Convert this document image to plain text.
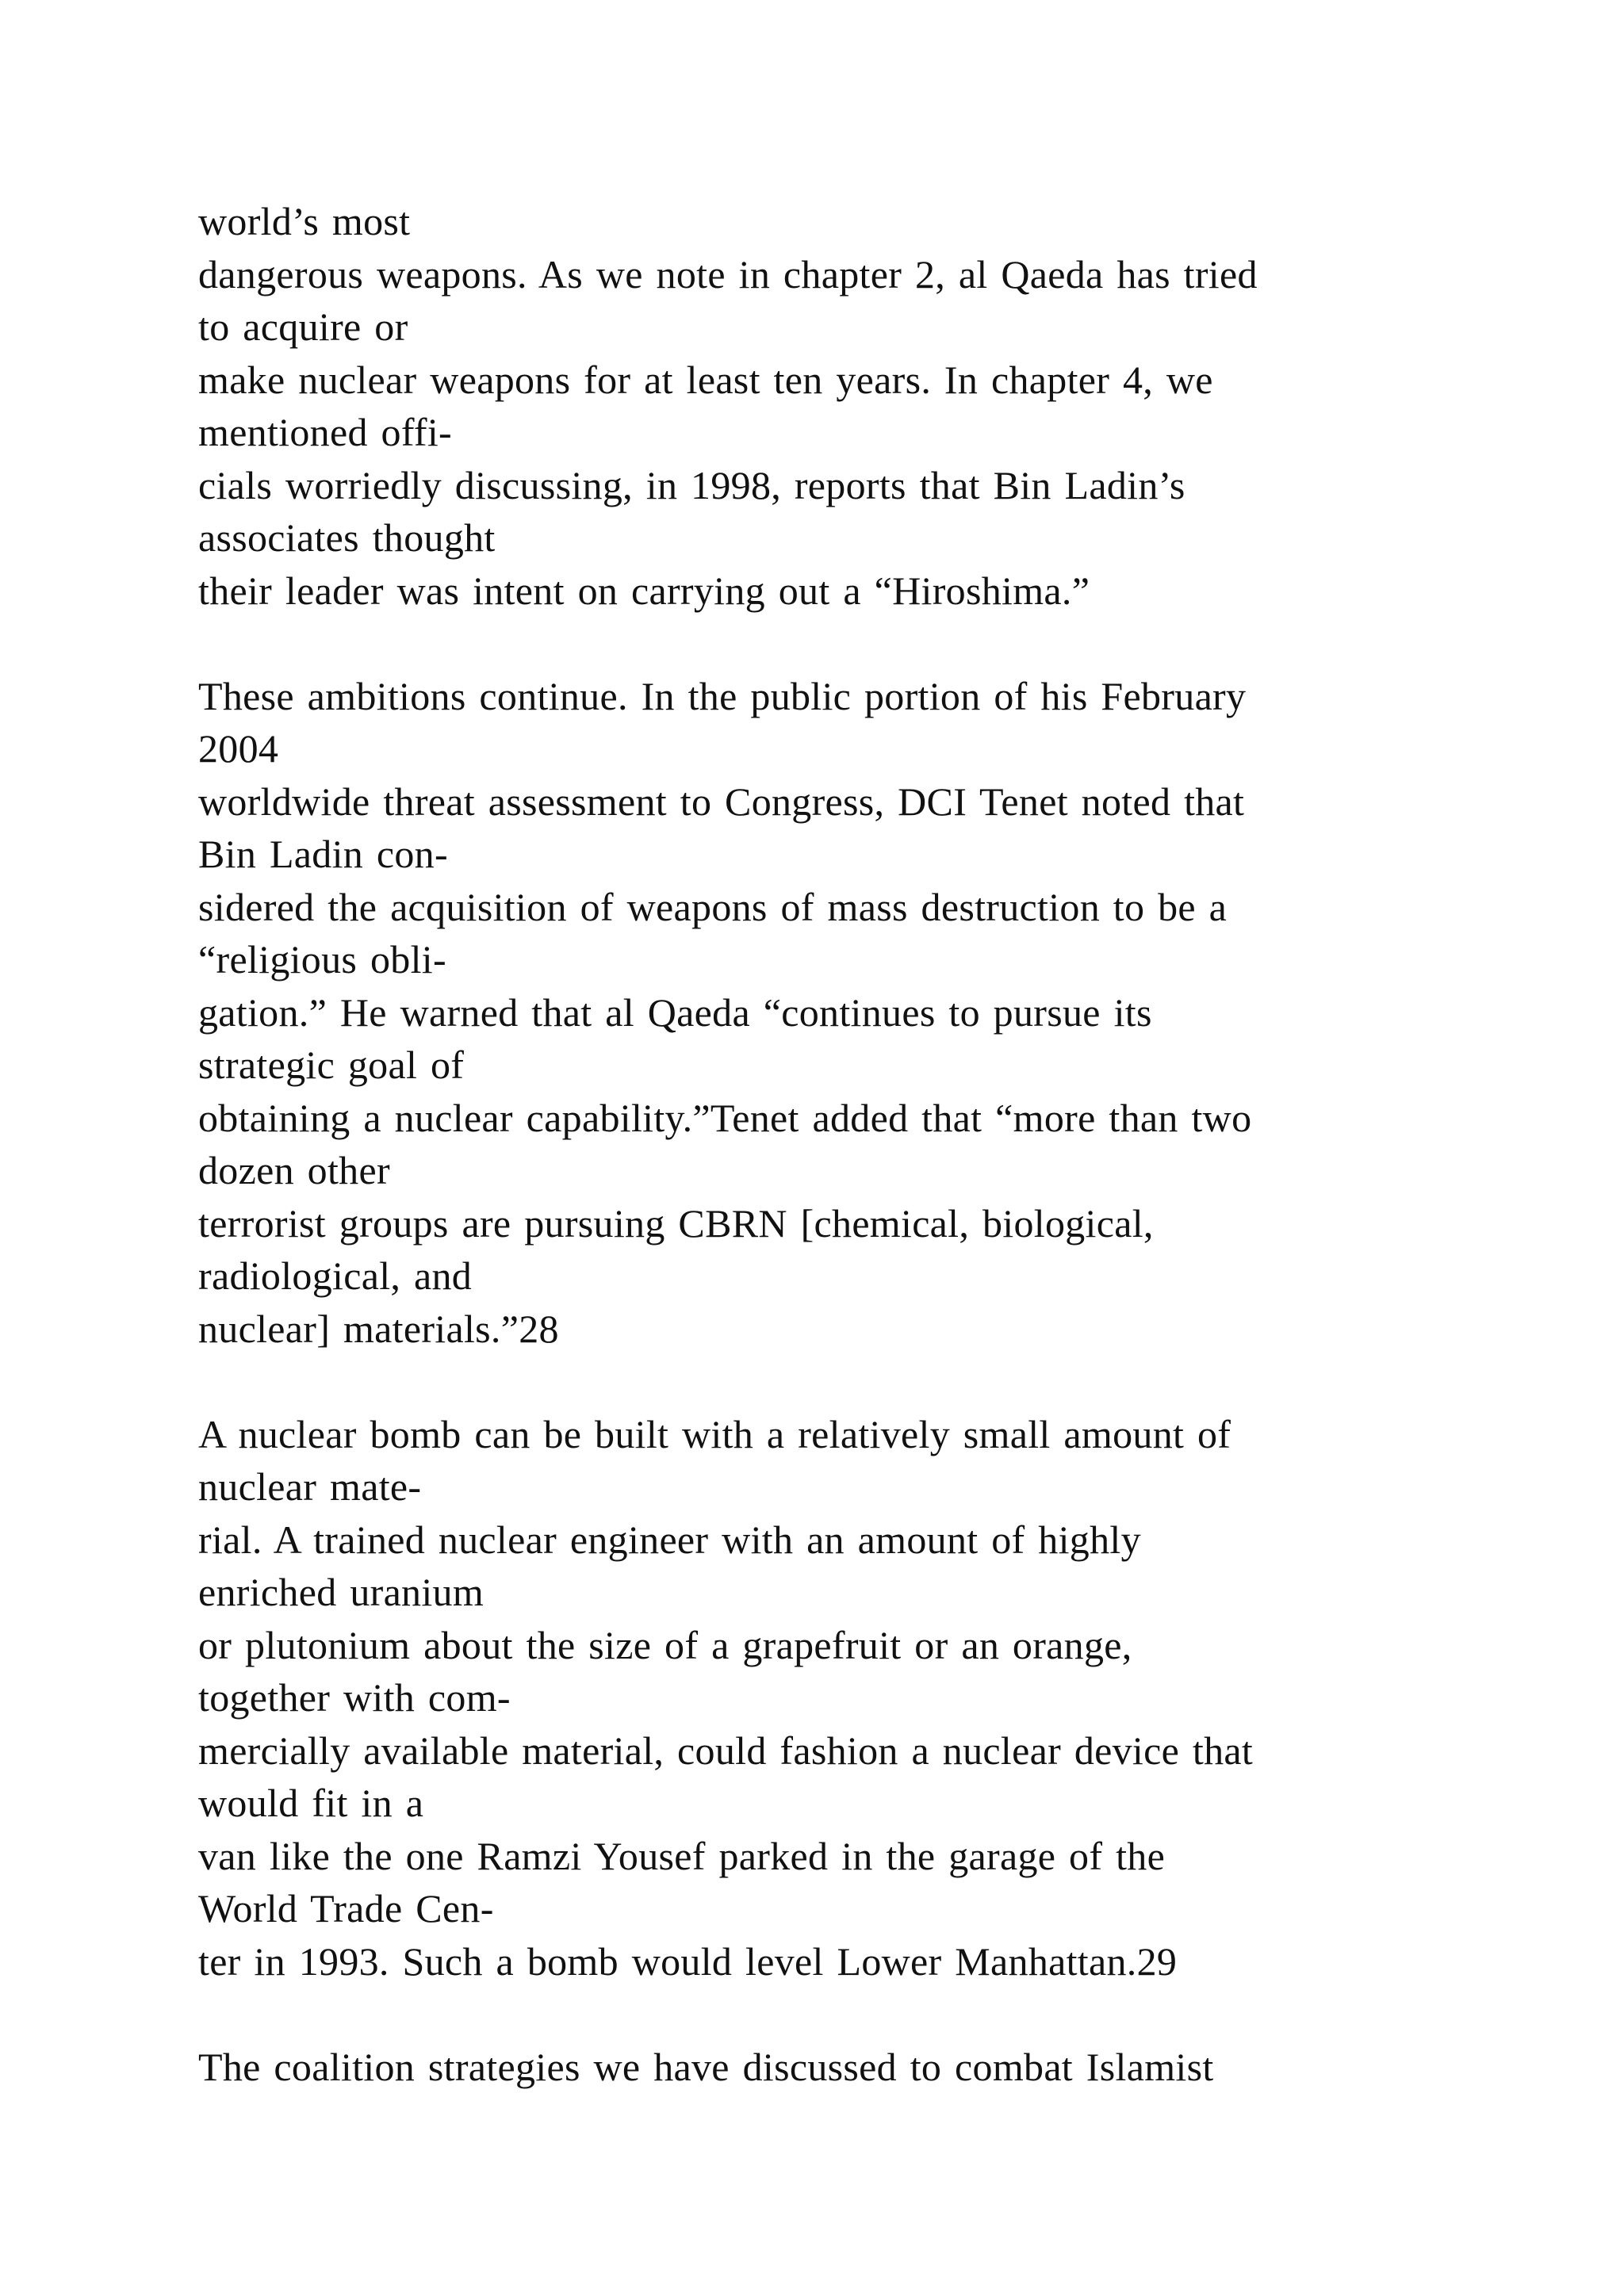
world’s most
dangerous weapons. As we note in chapter 2, al Qaeda has tried
to acquire or
make nuclear weapons for at least ten years. In chapter 4, we
mentioned offi-
cials worriedly discussing, in 1998, reports that Bin Ladin’s
associates thought
their leader was intent on carrying out a “Hiroshima.”
These ambitions continue. In the public portion of his February
2004
worldwide threat assessment to Congress, DCI Tenet noted that
Bin Ladin con-
sidered the acquisition of weapons of mass destruction to be a
“religious obli-
gation.” He warned that al Qaeda “continues to pursue its
strategic goal of
obtaining a nuclear capability.”Tenet added that “more than two
dozen other
terrorist groups are pursuing CBRN [chemical, biological,
radiological, and
nuclear] materials.”28
A nuclear bomb can be built with a relatively small amount of
nuclear mate-
rial. A trained nuclear engineer with an amount of highly
enriched uranium
or plutonium about the size of a grapefruit or an orange,
together with com-
mercially available material, could fashion a nuclear device that
would fit in a
van like the one Ramzi Yousef parked in the garage of the
World Trade Cen-
ter in 1993. Such a bomb would level Lower Manhattan.29
The coalition strategies we have discussed to combat Islamist
